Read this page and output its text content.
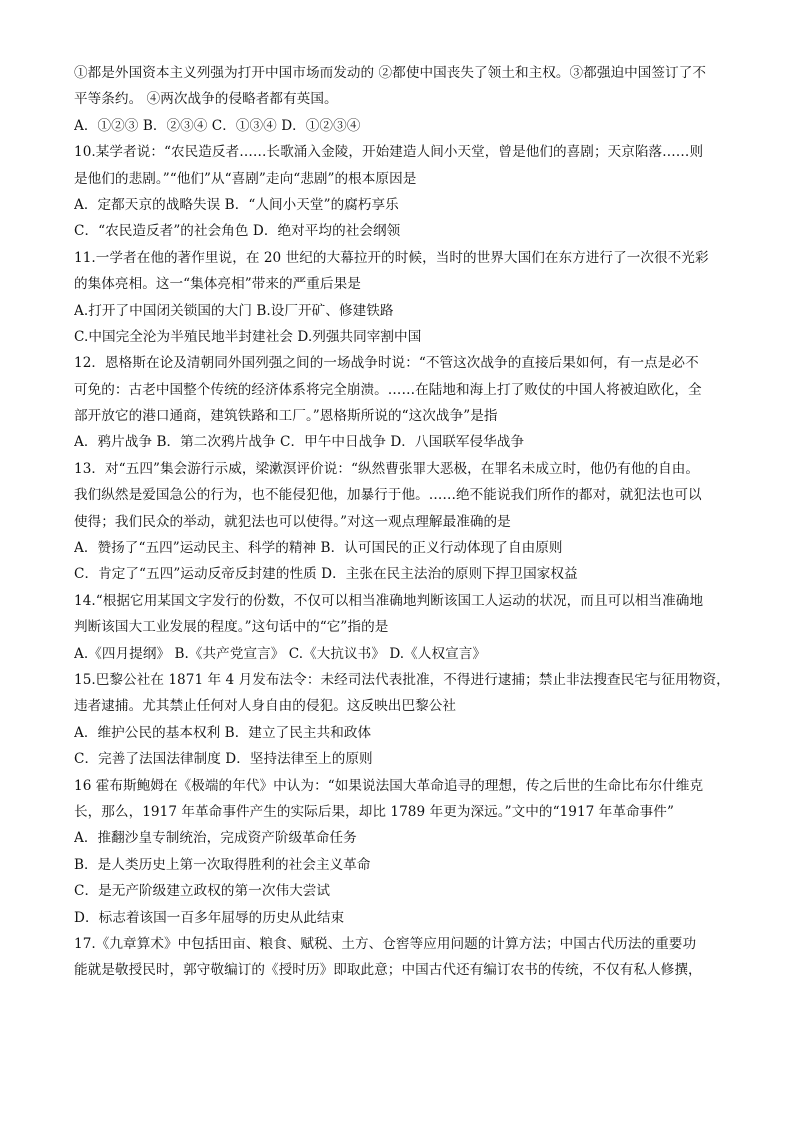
①都是外国资本主义列强为打开中国市场而发动的 ②都使中国丧失了领土和主权。③都强迫中国签订了不
平等条约。 ④两次战争的侵略者都有英国。
A．①②③ B．②③④ C．①③④ D．①②③④
10.某学者说：“农民造反者……长歌涌入金陵，开始建造人间小天堂，曾是他们的喜剧；天京陷落……则
是他们的悲剧。”“他们”从“喜剧”走向“悲剧”的根本原因是
A．定都天京的战略失误 B．“人间小天堂”的腐朽享乐
C．“农民造反者”的社会角色 D．绝对平均的社会纲领
11.一学者在他的著作里说，在 20 世纪的大幕拉开的时候，当时的世界大国们在东方进行了一次很不光彩
的集体亮相。这一“集体亮相”带来的严重后果是
A.打开了中国闭关锁国的大门 B.设厂开矿、修建铁路
C.中国完全沦为半殖民地半封建社会 D.列强共同宰割中国
12．恩格斯在论及清朝同外国列强之间的一场战争时说：“不管这次战争的直接后果如何，有一点是必不
可免的：古老中国整个传统的经济体系将完全崩溃。……在陆地和海上打了败仗的中国人将被迫欧化，全
部开放它的港口通商，建筑铁路和工厂。”恩格斯所说的“这次战争”是指
A．鸦片战争 B．第二次鸦片战争 C．甲午中日战争 D．八国联军侵华战争
13．对“五四”集会游行示威，梁漱溟评价说：“纵然曹张罪大恶极，在罪名未成立时，他仍有他的自由。
我们纵然是爱国急公的行为，也不能侵犯他，加暴行于他。……绝不能说我们所作的都对，就犯法也可以
使得；我们民众的举动，就犯法也可以使得。”对这一观点理解最准确的是
A．赞扬了“五四”运动民主、科学的精神 B．认可国民的正义行动体现了自由原则
C．肯定了“五四”运动反帝反封建的性质 D．主张在民主法治的原则下捍卫国家权益
14.“根据它用某国文字发行的份数，不仅可以相当准确地判断该国工人运动的状况，而且可以相当准确地
判断该国大工业发展的程度。”这句话中的“它”指的是
A.《四月提纲》 B.《共产党宣言》 C.《大抗议书》 D.《人权宣言》
15.巴黎公社在 1871 年 4 月发布法令：未经司法代表批准，不得进行逮捕；禁止非法搜查民宅与征用物资，
违者逮捕。尤其禁止任何对人身自由的侵犯。这反映出巴黎公社
A．维护公民的基本权利 B．建立了民主共和政体
C．完善了法国法律制度 D．坚持法律至上的原则
16 霍布斯鲍姆在《极端的年代》中认为：“如果说法国大革命追寻的理想，传之后世的生命比布尔什维克
长，那么，1917 年革命事件产生的实际后果，却比 1789 年更为深远。”文中的“1917 年革命事件”
A．推翻沙皇专制统治，完成资产阶级革命任务
B．是人类历史上第一次取得胜利的社会主义革命
C．是无产阶级建立政权的第一次伟大尝试
D．标志着该国一百多年屈辱的历史从此结束
17.《九章算术》中包括田亩、粮食、赋税、土方、仓窖等应用问题的计算方法；中国古代历法的重要功
能就是敬授民时，郭守敬编订的《授时历》即取此意；中国古代还有编订农书的传统，不仅有私人修撰，
